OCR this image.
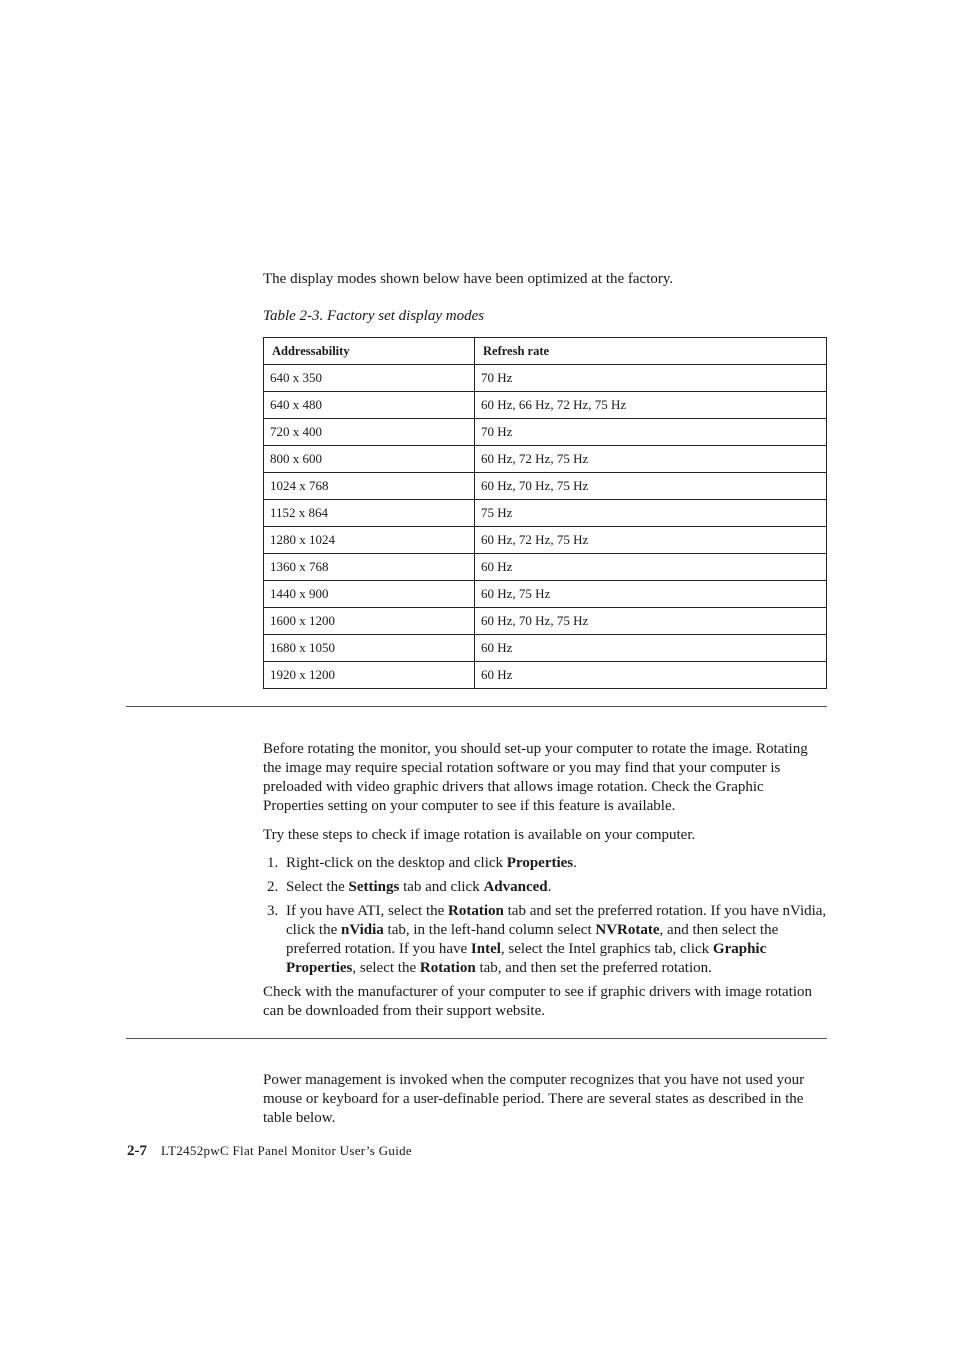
The display modes shown below have been optimized at the factory.

Table 2-3. Factory set display modes

Addressability	Refresh rate
640 x 350	70 Hz
640 x 480	60 Hz, 66 Hz, 72 Hz, 75 Hz
720 x 400	70 Hz
800 x 600	60 Hz, 72 Hz, 75 Hz
1024 x 768	60 Hz, 70 Hz, 75 Hz
1152 x 864	75 Hz
1280 x 1024	60 Hz, 72 Hz, 75 Hz
1360 x 768	60 Hz
1440 x 900	60 Hz, 75 Hz
1600 x 1200	60 Hz, 70 Hz, 75 Hz
1680 x 1050	60 Hz
1920 x 1200	60 Hz

Before rotating the monitor, you should set-up your computer to rotate the image. Rotating the image may require special rotation software or you may find that your computer is preloaded with video graphic drivers that allows image rotation. Check the Graphic Properties setting on your computer to see if this feature is available.

Try these steps to check if image rotation is available on your computer.

1. Right-click on the desktop and click Properties.
2. Select the Settings tab and click Advanced.
3. If you have ATI, select the Rotation tab and set the preferred rotation. If you have nVidia, click the nVidia tab, in the left-hand column select NVRotate, and then select the preferred rotation. If you have Intel, select the Intel graphics tab, click Graphic Properties, select the Rotation tab, and then set the preferred rotation.

Check with the manufacturer of your computer to see if graphic drivers with image rotation can be downloaded from their support website.

Power management is invoked when the computer recognizes that you have not used your mouse or keyboard for a user-definable period. There are several states as described in the table below.

2-7 LT2452pwC Flat Panel Monitor User’s Guide
